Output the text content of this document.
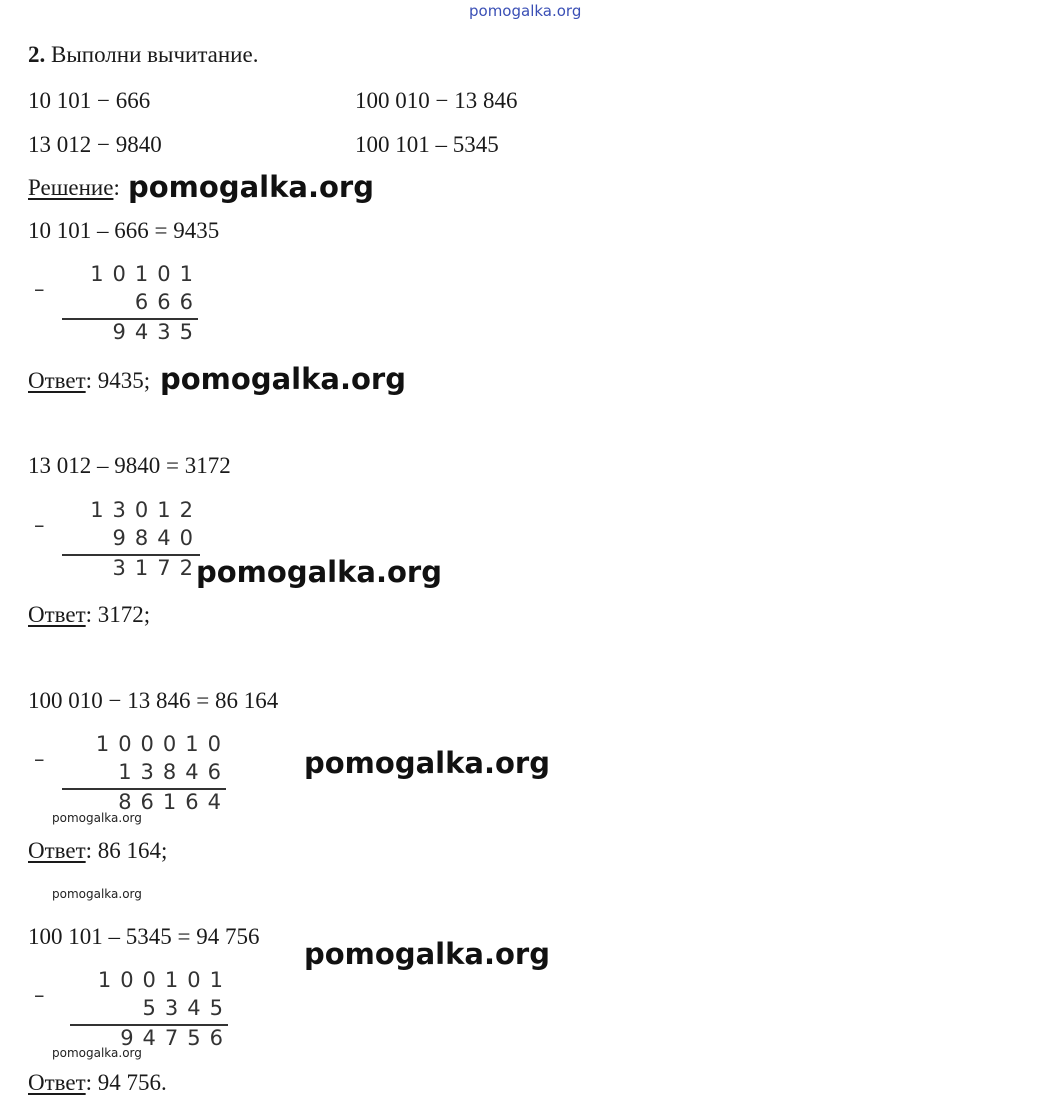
pomogalka.org
2. Выполни вычитание.
10 101 − 666	100 010 − 13 846
13 012 − 9840	100 101 – 5345
Решение: pomogalka.org
10 101 – 666 = 9435
10101
–
666
9435
Ответ: 9435; pomogalka.org
13 012 – 9840 = 3172
13012
–
9840
3172
pomogalka.org
Ответ: 3172;
100 010 − 13 846 = 86 164
100010
–
13846
86164
pomogalka.org
pomogalka.org
Ответ: 86 164;
pomogalka.org
100 101 – 5345 = 94 756
pomogalka.org
100101
–
5345
94756
pomogalka.org
Ответ: 94 756.
